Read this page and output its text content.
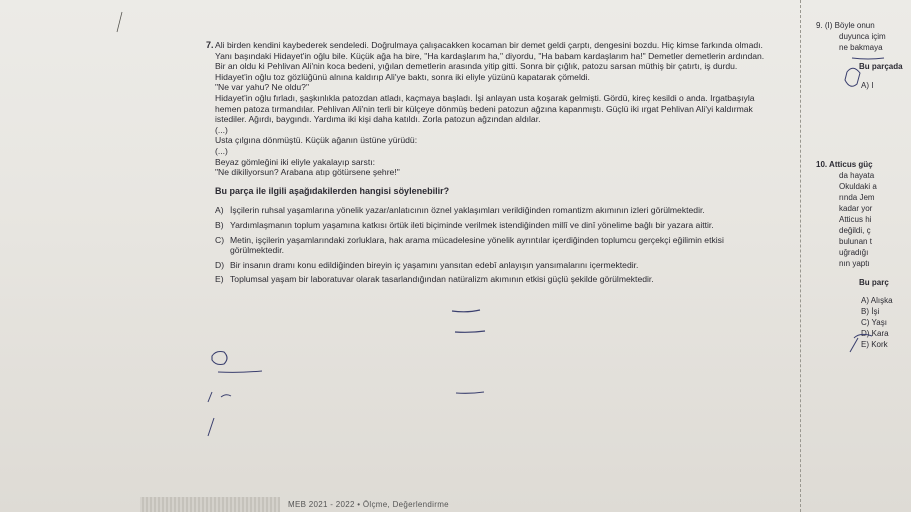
7. Ali birden kendini kaybederek sendeledi. Doğrulmaya çalışacakken kocaman bir demet geldi çarptı, dengesini bozdu. Hiç kimse farkında olmadı. Yanı başındaki Hidayet'in oğlu bile. Küçük ağa ha bire, "Ha kardaşlarım ha," diyordu, "Ha babam kardaşlarım ha!" Demetler demetlerin ardından. Bir an oldu ki Pehlivan Ali'nin koca bedeni, yığılan demetlerin arasında yitip gitti. Sonra bir çığlık, patozu sarsan müthiş bir çatırtı, iş durdu. Hidayet'in oğlu toz gözlüğünü alnına kaldırıp Ali'ye baktı, sonra iki eliyle yüzünü kapatarak çömeldi.

"Ne var yahu? Ne oldu?"

Hidayet'in oğlu fırladı, şaşkınlıkla patozdan atladı, kaçmaya başladı. İşi anlayan usta koşarak gelmişti. Gördü, kireç kesildi o anda. Irgatbaşıyla hemen patoza tırmandılar. Pehlivan Ali'nin terli bir külçeye dönmüş bedeni patozun ağzına kapanmıştı. Güçlü iki ırgat Pehlivan Ali'yi kaldırmak istediler. Ağırdı, baygındı. Yardıma iki kişi daha katıldı. Zorla patozun ağzından aldılar.

(...)

Usta çılgına dönmüştü. Küçük ağanın üstüne yürüdü:

(...)

Beyaz gömleğini iki eliyle yakalayıp sarstı:

"Ne dikiliyorsun? Arabana atıp götürsene şehre!"

Bu parça ile ilgili aşağıdakilerden hangisi söylenebilir?

A) İşçilerin ruhsal yaşamlarına yönelik yazar/anlatıcının öznel yaklaşımları verildiğinden romantizm akımının izleri görülmektedir.
B) Yardımlaşmanın toplum yaşamına katkısı örtük ileti biçiminde verilmek istendiğinden millî ve dinî yönelime bağlı bir yazara aittir.
C) Metin, işçilerin yaşamlarındaki zorluklara, hak arama mücadelesine yönelik ayrıntılar içerdiğinden toplumcu gerçekçi eğilimin etkisi görülmektedir.
D) Bir insanın dramı konu edildiğinden bireyin iç yaşamını yansıtan edebî anlayışın yansımalarını içermektedir.
E) Toplumsal yaşam bir laboratuvar olarak tasarlandığından natüralizm akımının etkisi güçlü şekilde görülmektedir.
MEB 2021 - 2022 • Ölçme, Değerlendirme
9. (I) Böyle onun
duyunca içim
ne bakmaya
Bu parçada
A) I
10. Atticus güç
da hayata
Okuldaki a
rında Jem
kadar yor
Atticus hi
değildi, ç
bulunan t
uğradığı
nın yaptı
Bu parç
A) Alışka
B) İşi
C) Yaşı
D) Kara
E) Kork
